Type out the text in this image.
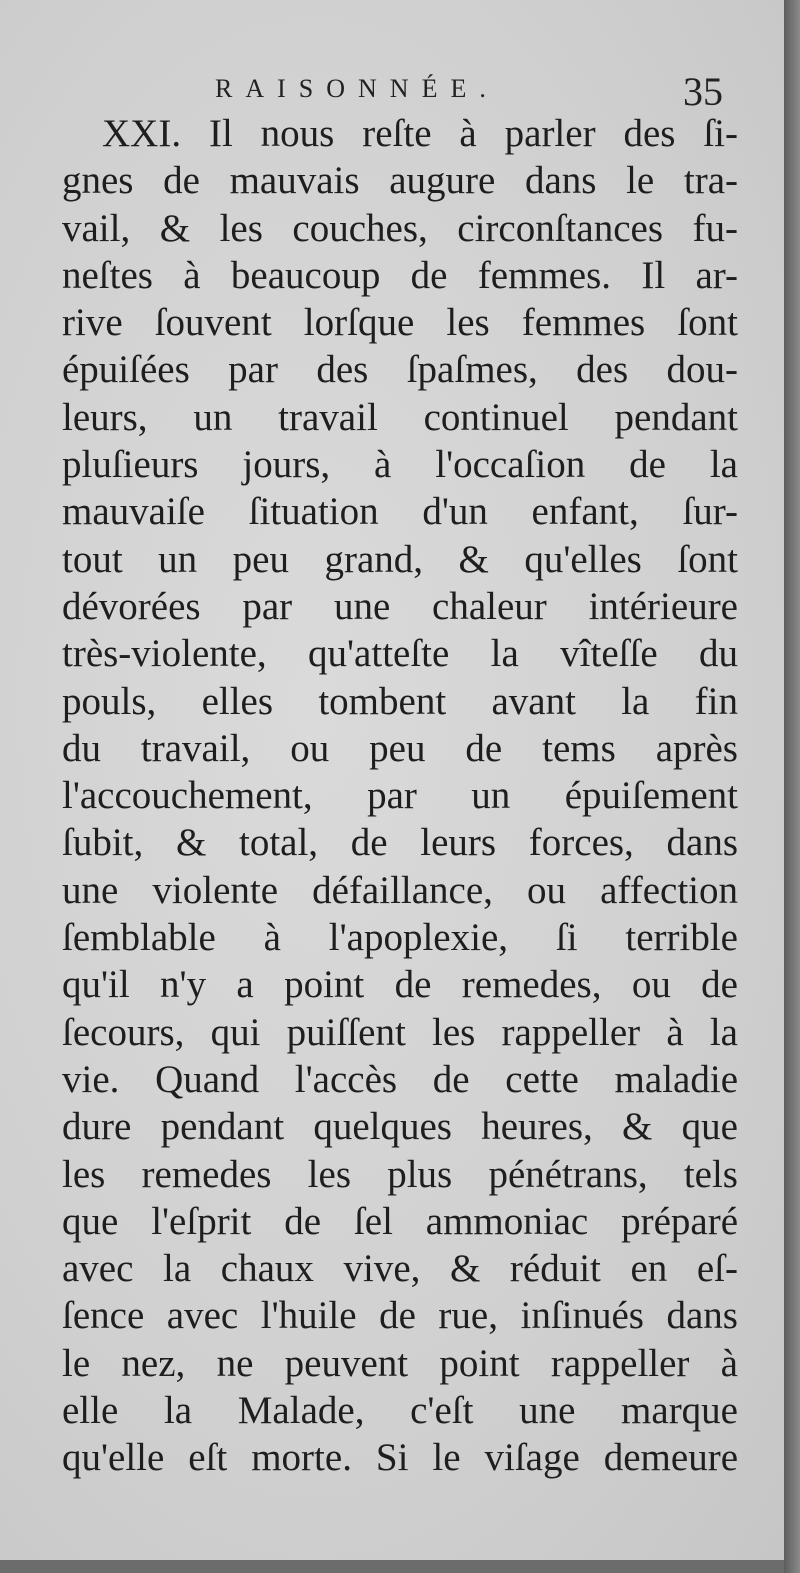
RAISONNÉE.	35
XXI. Il nous reſte à parler des ſi-
gnes de mauvais augure dans le tra-
vail, & les couches, circonſtances fu-
neſtes à beaucoup de femmes. Il ar-
rive ſouvent lorſque les femmes ſont
épuiſées par des ſpaſmes, des dou-
leurs, un travail continuel pendant
pluſieurs jours, à l'occaſion de la
mauvaiſe ſituation d'un enfant, ſur-
tout un peu grand, & qu'elles ſont
dévorées par une chaleur intérieure
très-violente, qu'atteſte la vîteſſe du
pouls, elles tombent avant la fin
du travail, ou peu de tems après
l'accouchement, par un épuiſement
ſubit, & total, de leurs forces, dans
une violente défaillance, ou affection
ſemblable à l'apoplexie, ſi terrible
qu'il n'y a point de remedes, ou de
ſecours, qui puiſſent les rappeller à la
vie. Quand l'accès de cette maladie
dure pendant quelques heures, & que
les remedes les plus pénétrans, tels
que l'eſprit de ſel ammoniac préparé
avec la chaux vive, & réduit en eſ-
ſence avec l'huile de rue, inſinués dans
le nez, ne peuvent point rappeller à
elle la Malade, c'eſt une marque
qu'elle eſt morte. Si le viſage demeure
